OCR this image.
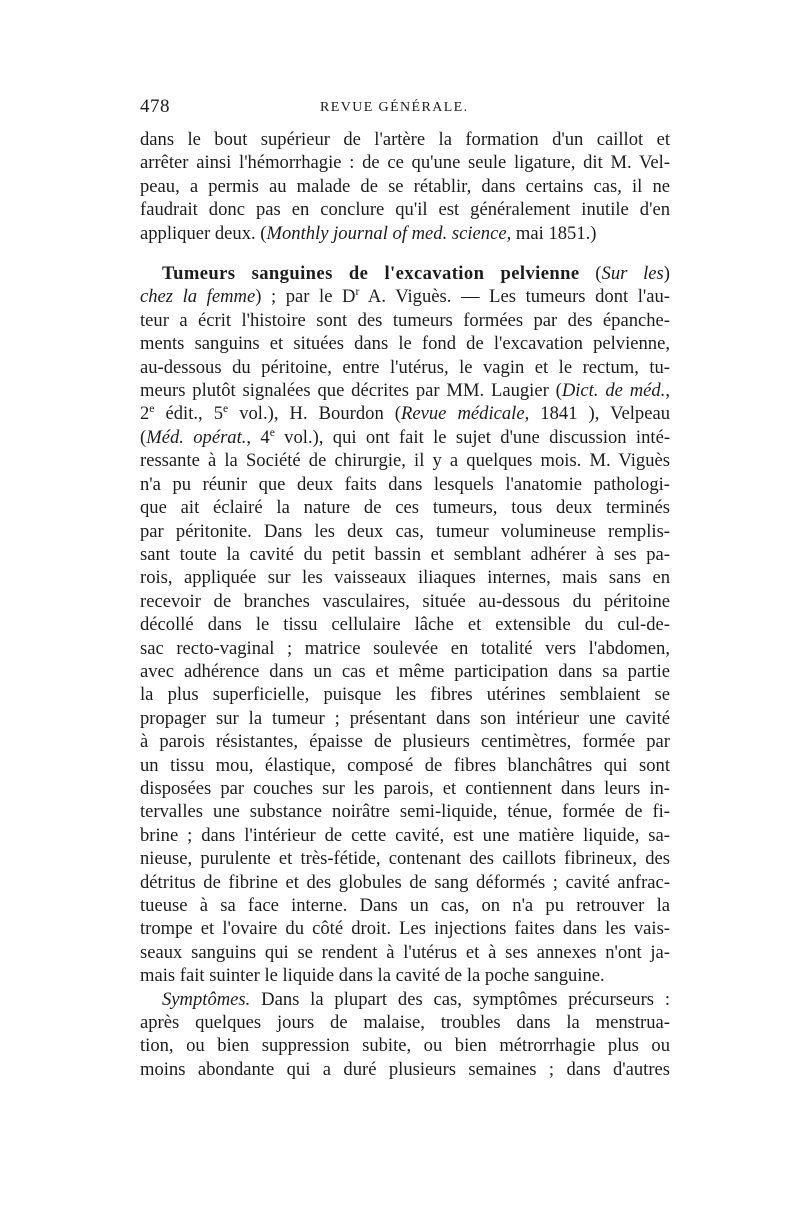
478	REVUE GÉNÉRALE.
dans le bout supérieur de l'artère la formation d'un caillot et
arrêter ainsi l'hémorrhagie : de ce qu'une seule ligature, dit M. Vel-
peau, a permis au malade de se rétablir, dans certains cas, il ne
faudrait donc pas en conclure qu'il est généralement inutile d'en
appliquer deux. (Monthly journal of med. science, mai 1851.)
Tumeurs sanguines de l'excavation pelvienne (Sur les)
chez la femme) ; par le $D^r$ A. Viguès. — Les tumeurs dont l'au-
teur a écrit l'histoire sont des tumeurs formées par des épanche-
ments sanguins et situées dans le fond de l'excavation pelvienne,
au-dessous du péritoine, entre l'utérus, le vagin et le rectum, tu-
meurs plutôt signalées que décrites par MM. Laugier (Dict. de méd.,
2e édit., 5e vol.), H. Bourdon (Revue médicale, 1841 ), Velpeau
(Méd. opérat., 4e vol.), qui ont fait le sujet d'une discussion inté-
ressante à la Société de chirurgie, il y a quelques mois. M. Viguès
n'a pu réunir que deux faits dans lesquels l'anatomie pathologi-
que ait éclairé la nature de ces tumeurs, tous deux terminés
par péritonite. Dans les deux cas, tumeur volumineuse remplis-
sant toute la cavité du petit bassin et semblant adhérer à ses pa-
rois, appliquée sur les vaisseaux iliaques internes, mais sans en
recevoir de branches vasculaires, située au-dessous du péritoine
décollé dans le tissu cellulaire lâche et extensible du cul-de-
sac recto-vaginal ; matrice soulevée en totalité vers l'abdomen,
avec adhérence dans un cas et même participation dans sa partie
la plus superficielle, puisque les fibres utérines semblaient se
propager sur la tumeur ; présentant dans son intérieur une cavité
à parois résistantes, épaisse de plusieurs centimètres, formée par
un tissu mou, élastique, composé de fibres blanchâtres qui sont
disposées par couches sur les parois, et contiennent dans leurs in-
tervalles une substance noirâtre semi-liquide, ténue, formée de fi-
brine ; dans l'intérieur de cette cavité, est une matière liquide, sa-
nieuse, purulente et très-fétide, contenant des caillots fibrineux, des
détritus de fibrine et des globules de sang déformés ; cavité anfrac-
tueuse à sa face interne. Dans un cas, on n'a pu retrouver la
trompe et l'ovaire du côté droit. Les injections faites dans les vais-
seaux sanguins qui se rendent à l'utérus et à ses annexes n'ont ja-
mais fait suinter le liquide dans la cavité de la poche sanguine.
Symptômes. Dans la plupart des cas, symptômes précurseurs :
après quelques jours de malaise, troubles dans la menstrua-
tion, ou bien suppression subite, ou bien métrorrhagie plus ou
moins abondante qui a duré plusieurs semaines ; dans d'autres
